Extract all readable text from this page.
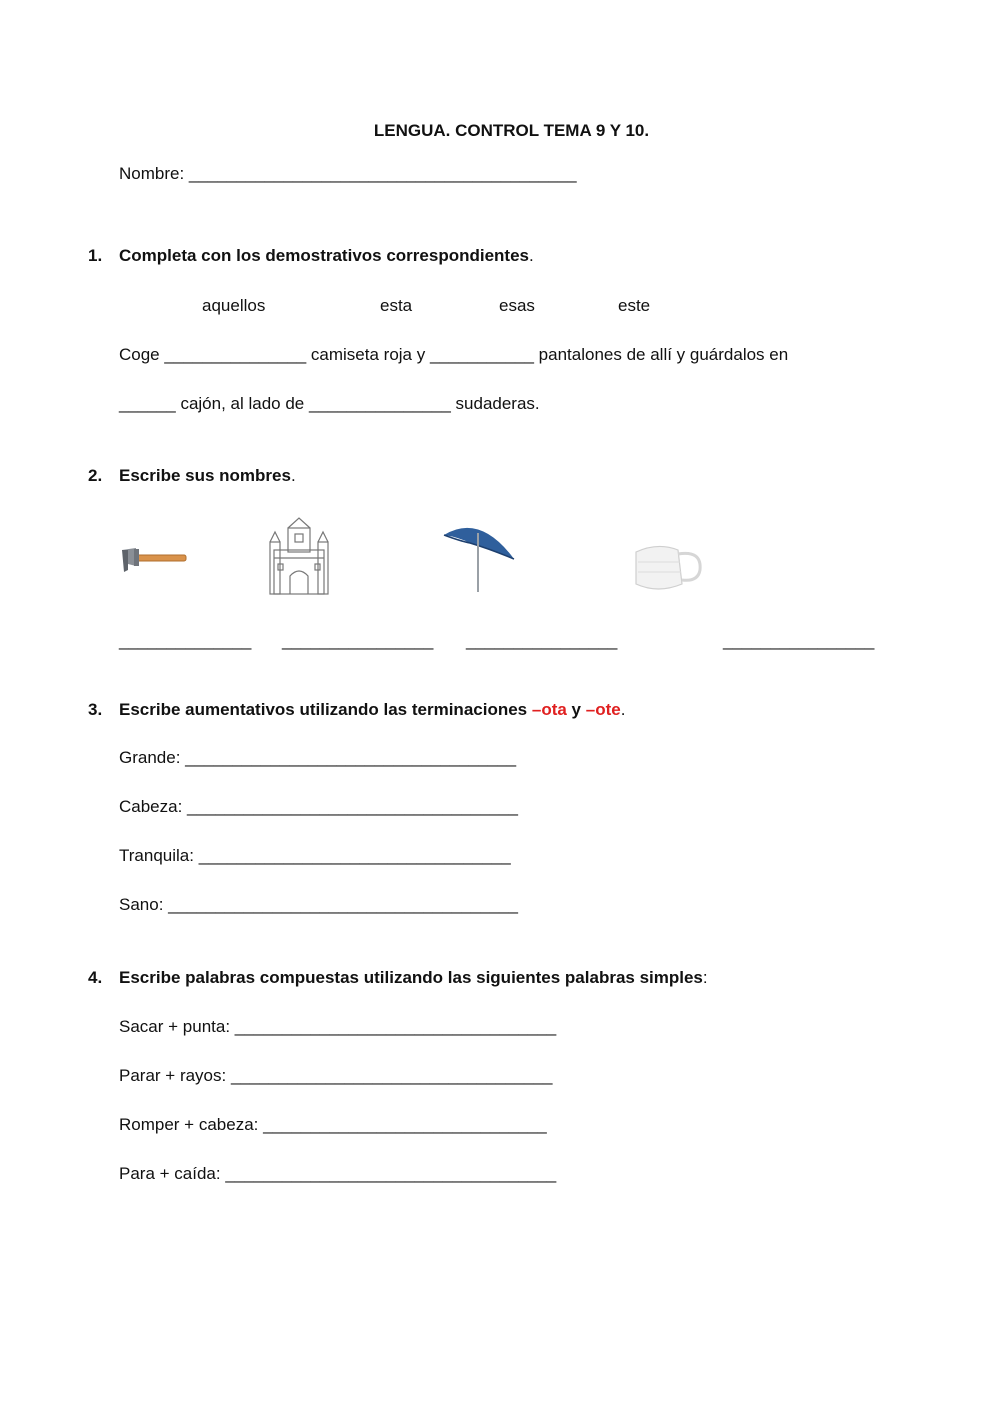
LENGUA. CONTROL TEMA 9 Y 10.
Nombre: _________________________________________
1. Completa con los demostrativos correspondientes.
aquellos	esta	esas	este
Coge _______________ camiseta roja y ___________ pantalones de allí y guárdalos en
______ cajón, al lado de _______________ sudaderas.
2. Escribe sus nombres.
______________ ________________ ________________	________________
3. Escribe aumentativos utilizando las terminaciones –ota y –ote.
Grande: ___________________________________
Cabeza: ___________________________________
Tranquila: _________________________________
Sano: _____________________________________
4. Escribe palabras compuestas utilizando las siguientes palabras simples:
Sacar + punta: __________________________________
Parar + rayos: __________________________________
Romper + cabeza: ______________________________
Para + caída: ___________________________________
